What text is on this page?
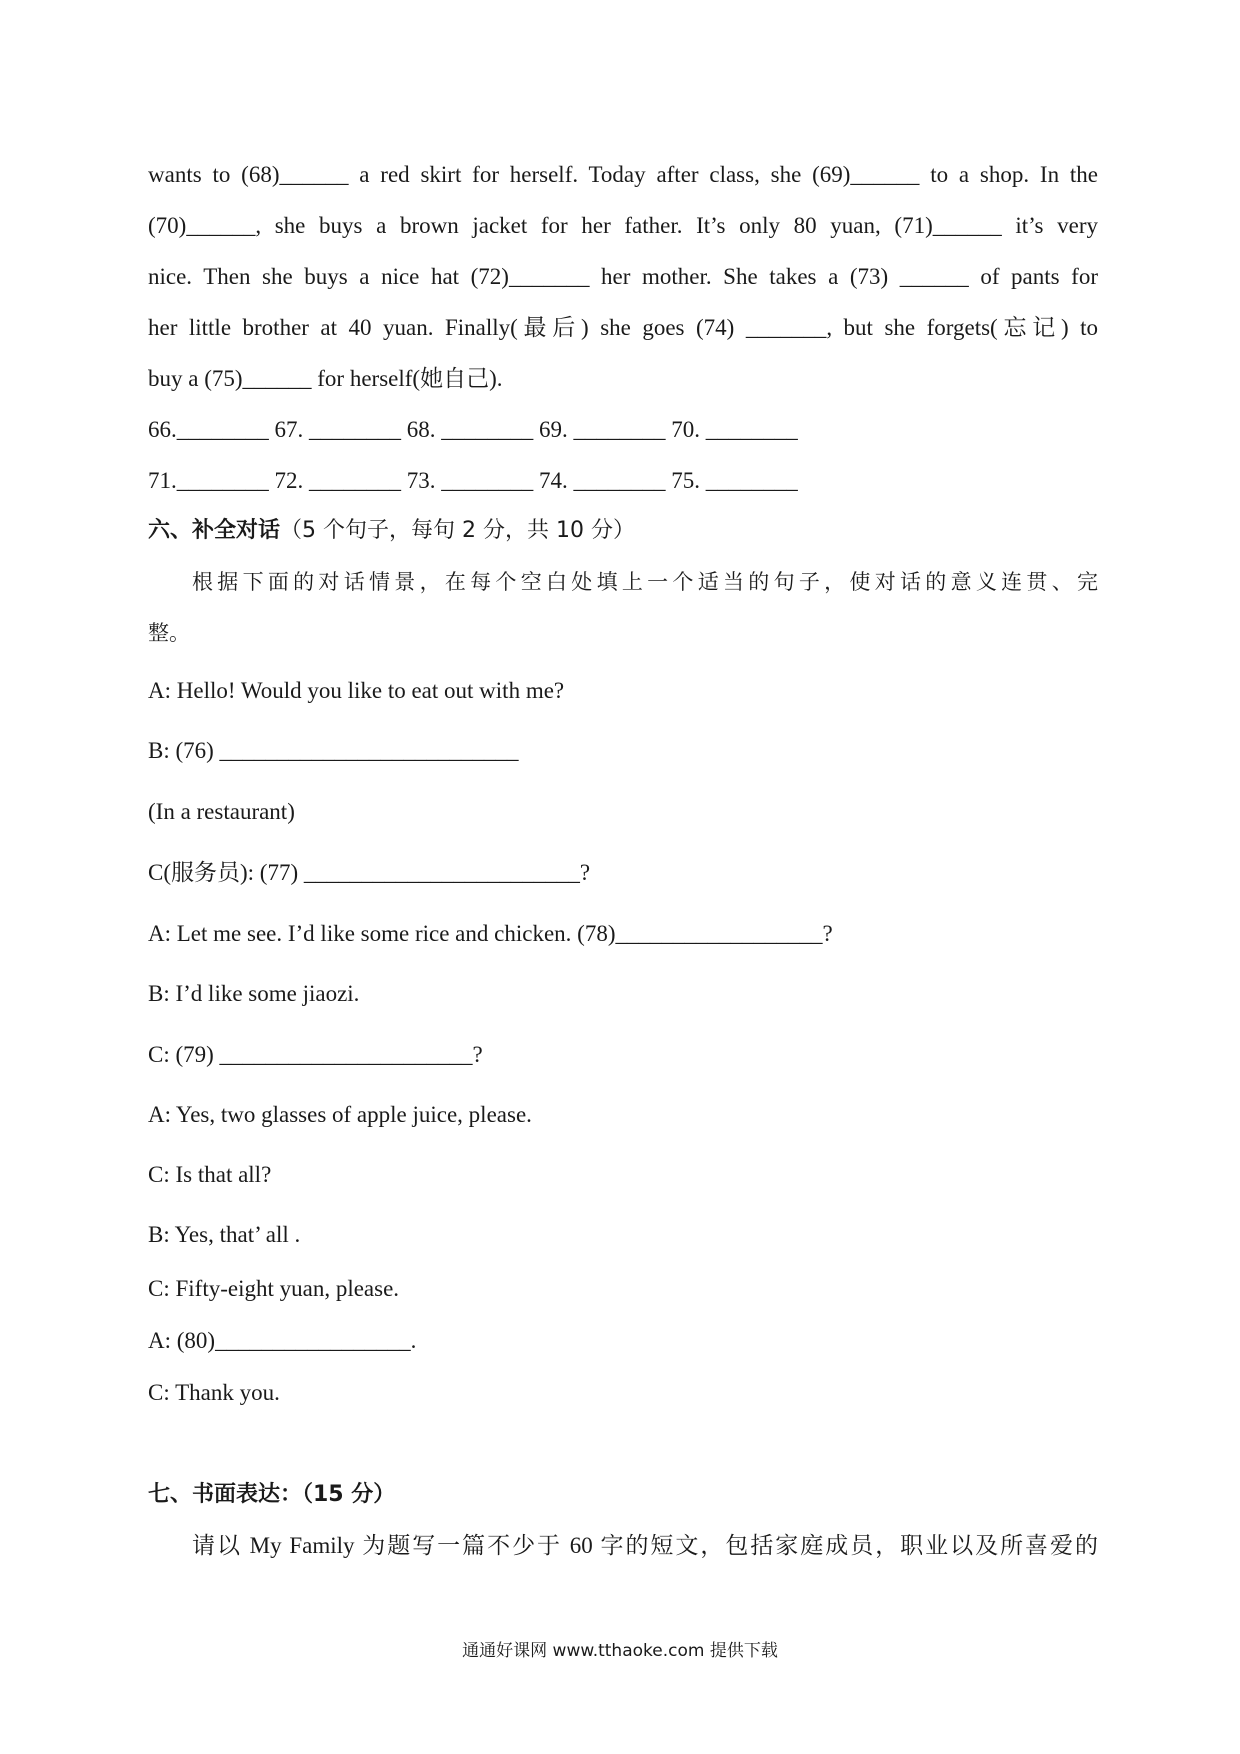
wants to (68)______ a red skirt for herself. Today after class, she (69)______ to a shop. In the
(70)______, she buys a brown jacket for her father. It’s only 80 yuan, (71)______ it’s very
nice. Then she buys a nice hat (72)_______ her mother. She takes a (73) ______ of pants for
her little brother at 40 yuan. Finally(最后) she goes (74) _______, but she forgets(忘记) to
buy a (75)______ for herself(她自己).
66.________ 67. ________ 68. ________ 69. ________ 70. ________
71.________ 72. ________ 73. ________ 74. ________ 75. ________
六、补全对话（5 个句子，每句 2 分，共 10 分）
根据下面的对话情景，在每个空白处填上一个适当的句子，使对话的意义连贯、完
整。
A: Hello! Would you like to eat out with me?
B: (76) __________________________
(In a restaurant)
C(服务员): (77) ________________________?
A: Let me see. I’d like some rice and chicken. (78)__________________?
B: I’d like some jiaozi.
C: (79) ______________________?
A: Yes, two glasses of apple juice, please.
C: Is that all?
B: Yes, that’ all .
C: Fifty-eight yuan, please.
A: (80)_________________.
C: Thank you.
七、书面表达：（15 分）
请以 My Family 为题写一篇不少于 60 字的短文，包括家庭成员，职业以及所喜爱的
通通好课网 www.tthaoke.com 提供下载
